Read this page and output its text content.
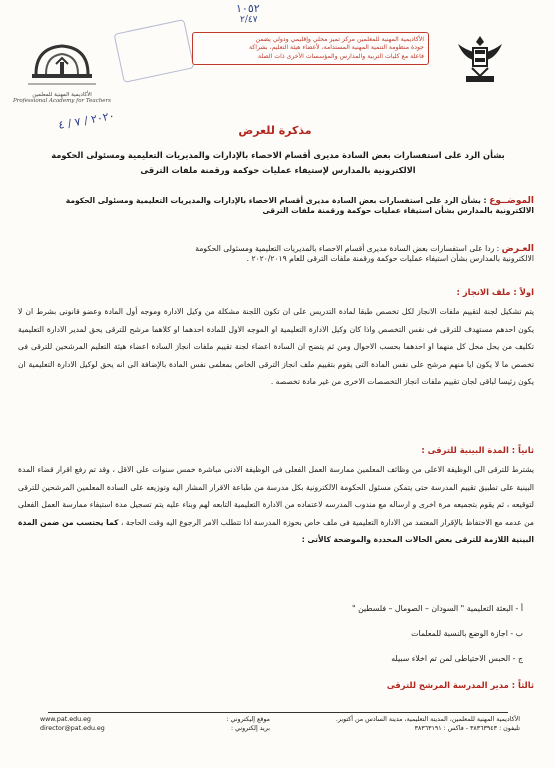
١٠٥٢
٢/٤٧
الأكاديمية المهنية للمعلمين
Professional Academy for Teachers
الأكاديمية المهنية للمعلمين مركز تميز محلي وإقليمي ودولي يضمن
جودة منظومة التنمية المهنية المستدامة، لأعضاء هيئة التعليم، بشراكة
فاعلة مع كليات التربية والمدارس والمؤسسات الأخرى ذات الصلة
٢٠٢٠ / ٧ / ٤
مذكرة للعرض
بشأن الرد على استفسارات بعض السادة مديرى أقسام الاحصاء بالإدارات والمديريات التعليمية ومسئولى الحكومة
الالكترونية بالمدارس لإستيفاء عمليات حوكمة ورقمنة ملفات الترقى
الموضــوع : بشأن الرد على استفسارات بعض السادة مديرى أقسام الاحصاء بالإدارات والمديريات التعليمية ومسئولى الحكومة
الالكترونية بالمدارس بشأن استيفاء عمليات حوكمة ورقمنة ملفات الترقى
العـرض : ردا على استفسارات بعض السادة مديرى أقسام الاحصاء بالمديريات التعليمية ومسئولى الحكومة
الالكترونية بالمدارس بشأن استيفاء عمليات حوكمة ورقمنة ملفات الترقى للعام ٢٠٢٠/٢٠١٩ .
اولاً : ملف الانجاز :
يتم تشكيل لجنة لتقييم ملفات الانجاز لكل تخصص طبقا لمادة التدريس على ان تكون اللجنة مشكلة من وكيل الادارة وموجه أول المادة وعضو قانونى بشرط ان لا يكون احدهم مستهدف للترقى فى نفس التخصص واذا كان وكيل الادارة التعليمية او الموجه الاول للمادة احدهما او كلاهما مرشح للترقى يحق لمدير الادارة التعليمية تكليف من يحل محل كل منهما او احدهما بحسب الاحوال ومن ثم يتضح ان السادة اعضاء لجنة تقييم ملفات انجاز السادة اعضاء هيئة التعليم المرشحين للترقى فى تخصص ما لا يكون ايا منهم مرشح على نفس المادة التى يقوم بتقييم ملف انجاز الترقى الخاص بمعلمى نفس المادة بالإضافة الى انه يحق لوكيل الادارة التعليمية ان يكون رئيسا لباقى لجان تقييم ملفات انجاز التخصصات الاخرى من غير مادة تخصصه .
ثانياً : المدة البينية للترقى :
يشترط للترقى الى الوظيفة الاعلى من وظائف المعلمين ممارسة العمل الفعلى فى الوظيفة الادنى مباشرة خمس سنوات على الاقل ، وقد تم رفع اقرار قضاء المدة البينية على تطبيق تقييم المدرسة حتى يتمكن مسئول الحكومة الالكترونية بكل مدرسة من طباعة الاقرار المشار اليه وتوزيعه على السادة المعلمين المرشحين للترقى لتوقيعه ، ثم يقوم بتجميعه مرة اخرى و ارساله مع مندوب المدرسه لاعتماده من الادارة التعليمية التابعه لهم وبناء عليه يتم تسجيل مدة استيفاء ممارسة العمل الفعلى من عدمه مع الاحتفاظ بالإقرار المعتمد من الادارة التعليمية فى ملف خاص بحوزة المدرسة اذا تتطلب الامر الرجوع اليه وقت الحاجة ، كما يحتسب من ضمن المدة البينية اللازمة للترقى بعض الحالات المحددة والموضحة كالأتى :
أ - البعثة التعليمية " السودان – الصومال – فلسطين "
ب - اجازة الوضع بالنسبة للمعلمات
ج - الحبس الاحتياطى لمن تم اخلاء سبيله
ثالثاً : مدير المدرسة المرشح للترقى
الأكاديمية المهنية للمعلمين، المدينة التعليمية، مدينة السادس من أكتوبر.
تليفون : ٣٨٣٦٣٩٤٣ - فاكس : ٣٨٣٦٣١٩١
www.pat.edu.eg	موقع إليكتروني :
director@pat.edu.eg	بريد إلكتروني :
